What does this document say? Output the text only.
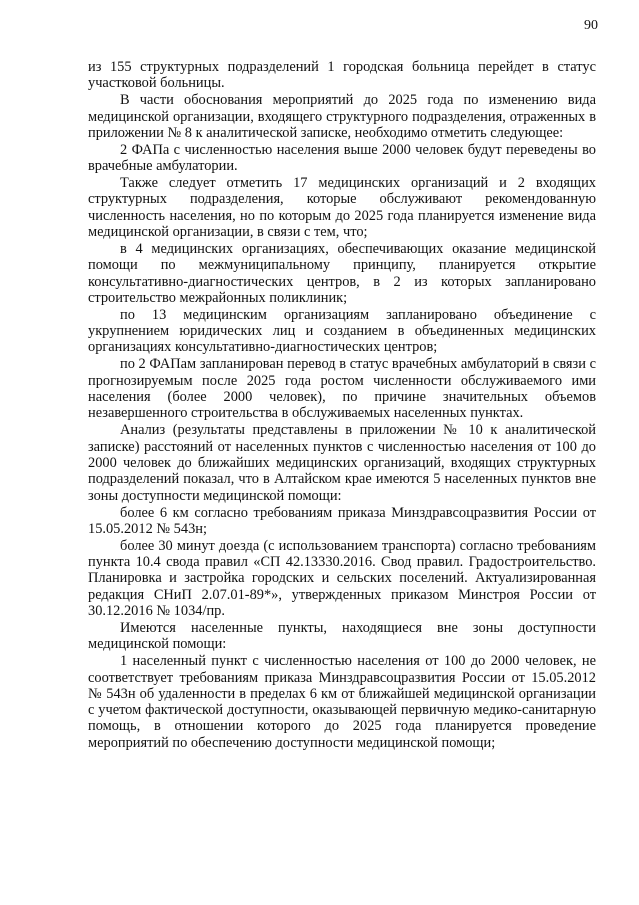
90

из 155 структурных подразделений 1 городская больница перейдет в статус участковой больницы.

В части обоснования мероприятий до 2025 года по изменению вида медицинской организации, входящего структурного подразделения, отраженных в приложении № 8 к аналитической записке, необходимо отметить следующее:

2 ФАПа с численностью населения выше 2000 человек будут переведены во врачебные амбулатории.

Также следует отметить 17 медицинских организаций и 2 входящих структурных подразделения, которые обслуживают рекомендованную численность населения, но по которым до 2025 года планируется изменение вида медицинской организации, в связи с тем, что;

в 4 медицинских организациях, обеспечивающих оказание медицинской помощи по межмуниципальному принципу, планируется открытие консультативно-диагностических центров, в 2 из которых запланировано строительство межрайонных поликлиник;

по 13 медицинским организациям запланировано объединение с укрупнением юридических лиц и созданием в объединенных медицинских организациях консультативно-диагностических центров;

по 2 ФАПам запланирован перевод в статус врачебных амбулаторий в связи с прогнозируемым после 2025 года ростом численности обслуживаемого ими населения (более 2000 человек), по причине значительных объемов незавершенного строительства в обслуживаемых населенных пунктах.

Анализ (результаты представлены в приложении № 10 к аналитической записке) расстояний от населенных пунктов с численностью населения от 100 до 2000 человек до ближайших медицинских организаций, входящих структурных подразделений показал, что в Алтайском крае имеются 5 населенных пунктов вне зоны доступности медицинской помощи:

более 6 км согласно требованиям приказа Минздравсоцразвития России от 15.05.2012 № 543н;

более 30 минут доезда (с использованием транспорта) согласно требованиям пункта 10.4 свода правил «СП 42.13330.2016. Свод правил. Градостроительство. Планировка и застройка городских и сельских поселений. Актуализированная редакция СНиП 2.07.01-89*», утвержденных приказом Минстроя России от 30.12.2016 № 1034/пр.

Имеются населенные пункты, находящиеся вне зоны доступности медицинской помощи:

1 населенный пункт с численностью населения от 100 до 2000 человек, не соответствует требованиям приказа Минздравсоцразвития России от 15.05.2012 № 543н об удаленности в пределах 6 км от ближайшей медицинской организации с учетом фактической доступности, оказывающей первичную медико-санитарную помощь, в отношении которого до 2025 года планируется проведение мероприятий по обеспечению доступности медицинской помощи;
